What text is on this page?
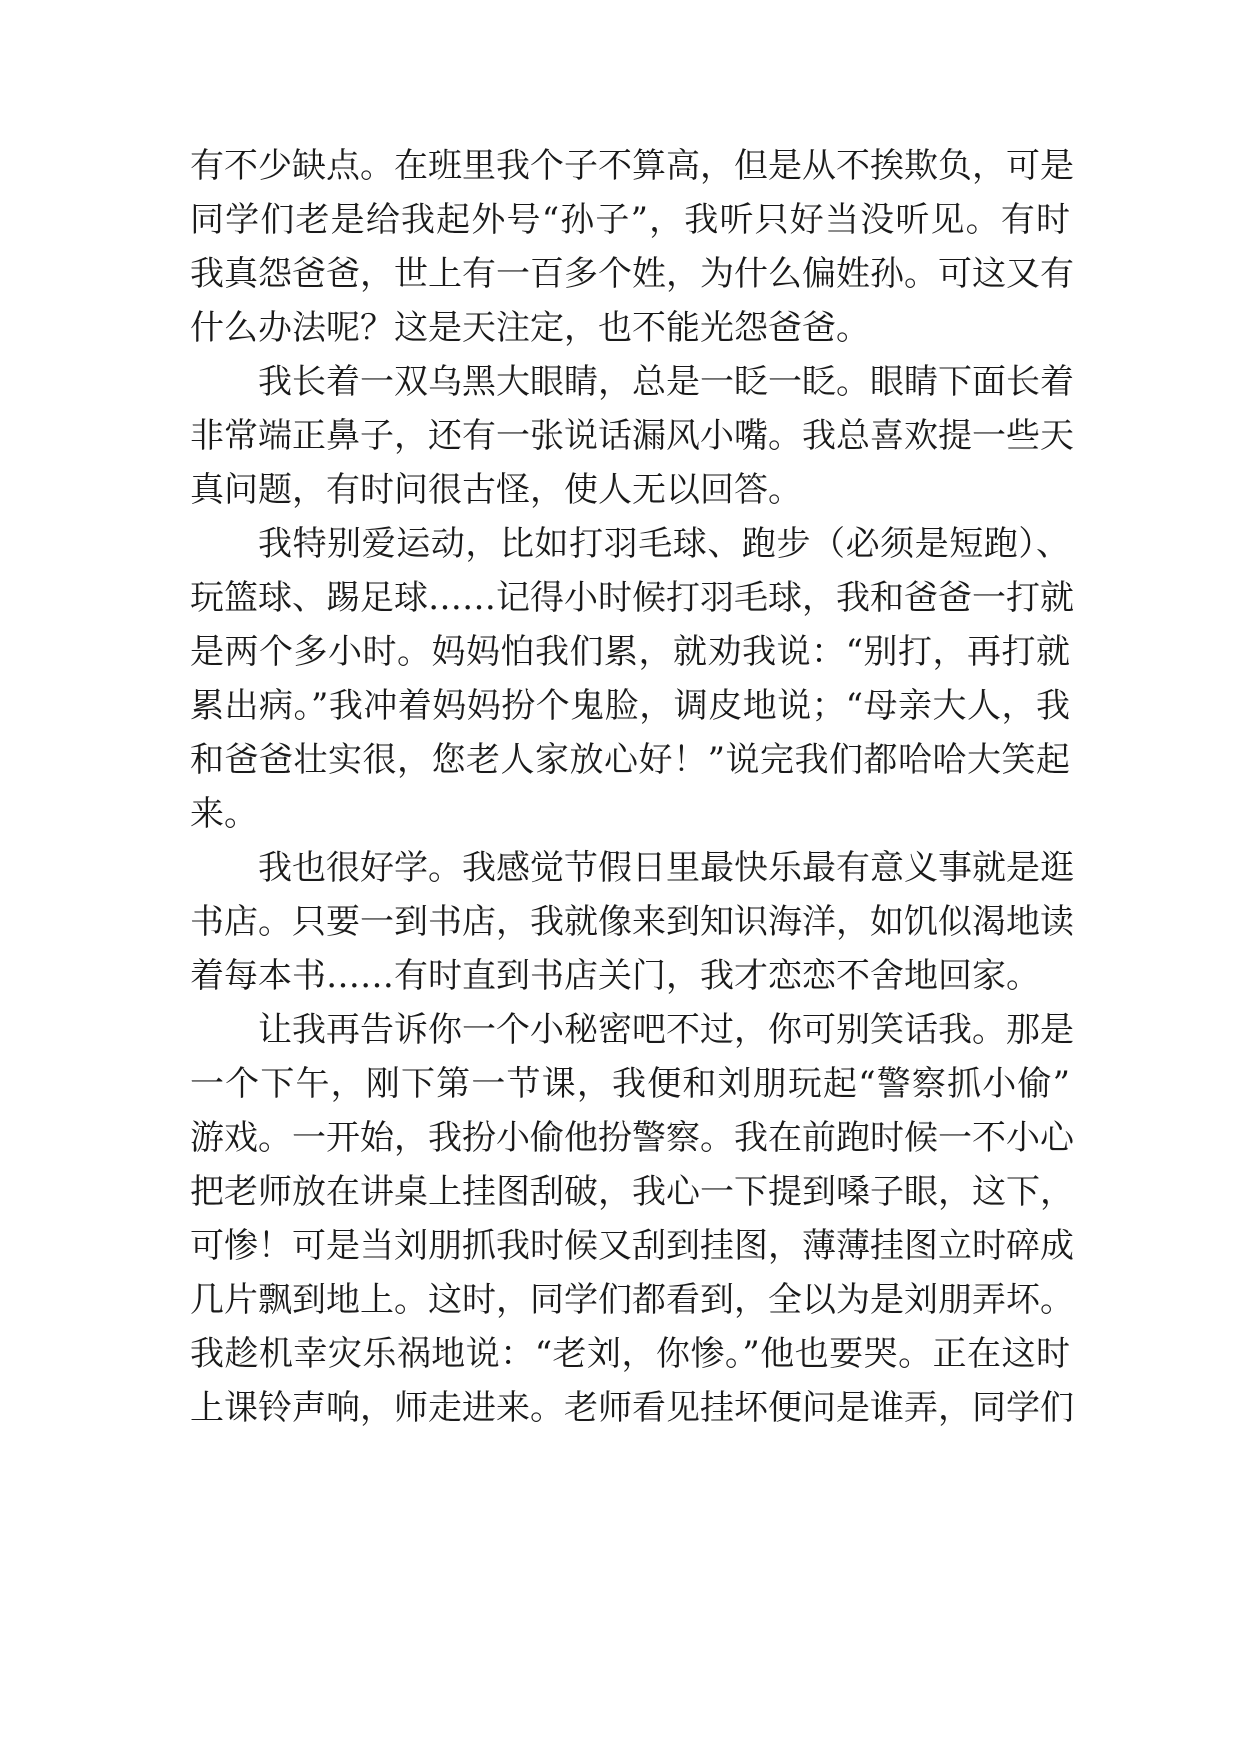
有不少缺点。在班里我个子不算高，但是从不挨欺负，可是
同学们老是给我起外号“孙子”，我听只好当没听见。有时
我真怨爸爸，世上有一百多个姓，为什么偏姓孙。可这又有
什么办法呢？这是天注定，也不能光怨爸爸。
我长着一双乌黑大眼睛，总是一眨一眨。眼睛下面长着
非常端正鼻子，还有一张说话漏风小嘴。我总喜欢提一些天
真问题，有时问很古怪，使人无以回答。
我特别爱运动，比如打羽毛球、跑步（必须是短跑）、
玩篮球、踢足球……记得小时候打羽毛球，我和爸爸一打就
是两个多小时。妈妈怕我们累，就劝我说：“别打，再打就
累出病。”我冲着妈妈扮个鬼脸，调皮地说；“母亲大人，我
和爸爸壮实很，您老人家放心好！”说完我们都哈哈大笑起
来。
我也很好学。我感觉节假日里最快乐最有意义事就是逛
书店。只要一到书店，我就像来到知识海洋，如饥似渴地读
着每本书……有时直到书店关门，我才恋恋不舍地回家。
让我再告诉你一个小秘密吧不过，你可别笑话我。那是
一个下午，刚下第一节课，我便和刘朋玩起“警察抓小偷”
游戏。一开始，我扮小偷他扮警察。我在前跑时候一不小心
把老师放在讲桌上挂图刮破，我心一下提到嗓子眼，这下，
可惨！可是当刘朋抓我时候又刮到挂图，薄薄挂图立时碎成
几片飘到地上。这时，同学们都看到，全以为是刘朋弄坏。
我趁机幸灾乐祸地说：“老刘，你惨。”他也要哭。正在这时
上课铃声响，师走进来。老师看见挂坏便问是谁弄，同学们
